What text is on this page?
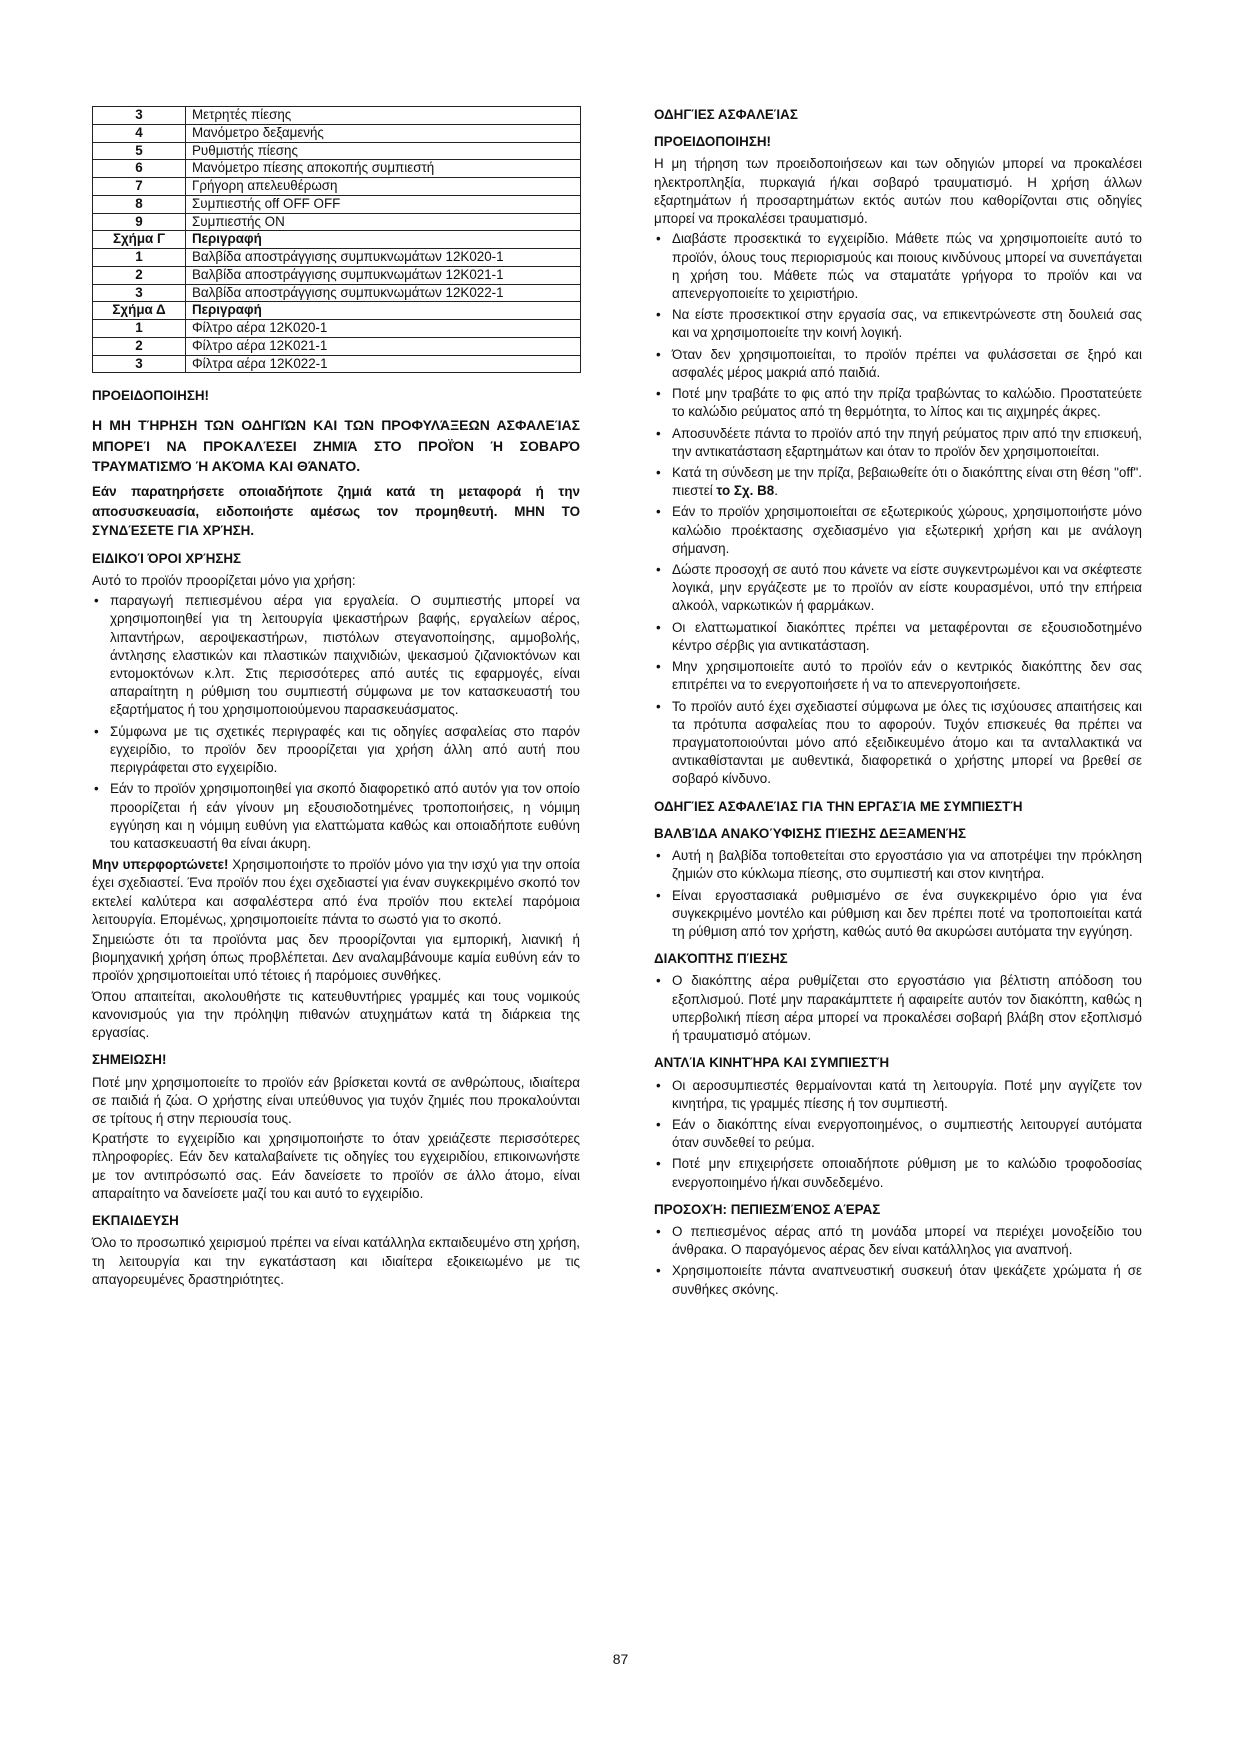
3	Μετρητές πίεσης
4	Μανόμετρο δεξαμενής
5	Ρυθμιστής πίεσης
6	Μανόμετρο πίεσης αποκοπής συμπιεστή
7	Γρήγορη απελευθέρωση
8	Συμπιεστής off OFF OFF
9	Συμπιεστής ON
Σχήμα Γ	Περιγραφή
1	Βαλβίδα αποστράγγισης συμπυκνωμάτων 12K020-1
2	Βαλβίδα αποστράγγισης συμπυκνωμάτων 12K021-1
3	Βαλβίδα αποστράγγισης συμπυκνωμάτων 12K022-1
Σχήμα Δ	Περιγραφή
1	Φίλτρο αέρα 12K020-1
2	Φίλτρο αέρα 12K021-1
3	Φίλτρα αέρα 12K022-1
ΠΡΟΕΙΔΟΠΟΙΗΣΗ!
Η ΜΗ ΤΉΡΗΣΗ ΤΩΝ ΟΔΗΓΙΏΝ ΚΑΙ ΤΩΝ ΠΡΟΦΥΛΆΞΕΩΝ ΑΣΦΑΛΕΊΑΣ ΜΠΟΡΕΊ ΝΑ ΠΡΟΚΑΛΈΣΕΙ ΖΗΜΙΆ ΣΤΟ ΠΡΟΪΌΝ Ή ΣΟΒΑΡΌ ΤΡΑΥΜΑΤΙΣΜΌ Ή ΑΚΌΜΑ ΚΑΙ ΘΆΝΑΤΟ.

Εάν παρατηρήσετε οποιαδήποτε ζημιά κατά τη μεταφορά ή την αποσυσκευασία, ειδοποιήστε αμέσως τον προμηθευτή. ΜΗΝ ΤΟ ΣΥΝΔΈΣΕΤΕ ΓΙΑ ΧΡΉΣΗ.

ΕΙΔΙΚΟΊ ΌΡΟΙ ΧΡΉΣΗΣ

Αυτό το προϊόν προορίζεται μόνο για χρήση:

• παραγωγή πεπιεσμένου αέρα για εργαλεία. Ο συμπιεστής μπορεί να χρησιμοποιηθεί για τη λειτουργία ψεκαστήρων βαφής, εργαλείων αέρος, λιπαντήρων, αεροψεκαστήρων, πιστόλων στεγανοποίησης, αμμοβολής, άντλησης ελαστικών και πλαστικών παιχνιδιών, ψεκασμού ζιζανιοκτόνων και εντομοκτόνων κ.λπ. Στις περισσότερες από αυτές τις εφαρμογές, είναι απαραίτητη η ρύθμιση του συμπιεστή σύμφωνα με τον κατασκευαστή του εξαρτήματος ή του χρησιμοποιούμενου παρασκευάσματος.
• Σύμφωνα με τις σχετικές περιγραφές και τις οδηγίες ασφαλείας στο παρόν εγχειρίδιο, το προϊόν δεν προορίζεται για χρήση άλλη από αυτή που περιγράφεται στο εγχειρίδιο.
• Εάν το προϊόν χρησιμοποιηθεί για σκοπό διαφορετικό από αυτόν για τον οποίο προορίζεται ή εάν γίνουν μη εξουσιοδοτημένες τροποποιήσεις, η νόμιμη εγγύηση και η νόμιμη ευθύνη για ελαττώματα καθώς και οποιαδήποτε ευθύνη του κατασκευαστή θα είναι άκυρη.

Μην υπερφορτώνετε! Χρησιμοποιήστε το προϊόν μόνο για την ισχύ για την οποία έχει σχεδιαστεί. Ένα προϊόν που έχει σχεδιαστεί για έναν συγκεκριμένο σκοπό τον εκτελεί καλύτερα και ασφαλέστερα από ένα προϊόν που εκτελεί παρόμοια λειτουργία. Επομένως, χρησιμοποιείτε πάντα το σωστό για το σκοπό.

Σημειώστε ότι τα προϊόντα μας δεν προορίζονται για εμπορική, λιανική ή βιομηχανική χρήση όπως προβλέπεται. Δεν αναλαμβάνουμε καμία ευθύνη εάν το προϊόν χρησιμοποιείται υπό τέτοιες ή παρόμοιες συνθήκες.

Όπου απαιτείται, ακολουθήστε τις κατευθυντήριες γραμμές και τους νομικούς κανονισμούς για την πρόληψη πιθανών ατυχημάτων κατά τη διάρκεια της εργασίας.

ΣΗΜΕΙΩΣΗ!

Ποτέ μην χρησιμοποιείτε το προϊόν εάν βρίσκεται κοντά σε ανθρώπους, ιδιαίτερα σε παιδιά ή ζώα. Ο χρήστης είναι υπεύθυνος για τυχόν ζημιές που προκαλούνται σε τρίτους ή στην περιουσία τους.

Κρατήστε το εγχειρίδιο και χρησιμοποιήστε το όταν χρειάζεστε περισσότερες πληροφορίες. Εάν δεν καταλαβαίνετε τις οδηγίες του εγχειριδίου, επικοινωνήστε με τον αντιπρόσωπό σας. Εάν δανείσετε το προϊόν σε άλλο άτομο, είναι απαραίτητο να δανείσετε μαζί του και αυτό το εγχειρίδιο.

ΕΚΠΑΙΔΕΥΣΗ

Όλο το προσωπικό χειρισμού πρέπει να είναι κατάλληλα εκπαιδευμένο στη χρήση, τη λειτουργία και την εγκατάσταση και ιδιαίτερα εξοικειωμένο με τις απαγορευμένες δραστηριότητες.

ΟΔΗΓΊΕΣ ΑΣΦΑΛΕΊΑΣ
ΠΡΟΕΙΔΟΠΟΙΗΣΗ!

Η μη τήρηση των προειδοποιήσεων και των οδηγιών μπορεί να προκαλέσει ηλεκτροπληξία, πυρκαγιά ή/και σοβαρό τραυματισμό. Η χρήση άλλων εξαρτημάτων ή προσαρτημάτων εκτός αυτών που καθορίζονται στις οδηγίες μπορεί να προκαλέσει τραυματισμό.

• Διαβάστε προσεκτικά το εγχειρίδιο. Μάθετε πώς να χρησιμοποιείτε αυτό το προϊόν, όλους τους περιορισμούς και ποιους κινδύνους μπορεί να συνεπάγεται η χρήση του. Μάθετε πώς να σταματάτε γρήγορα το προϊόν και να απενεργοποιείτε το χειριστήριο.
• Να είστε προσεκτικοί στην εργασία σας, να επικεντρώνεστε στη δουλειά σας και να χρησιμοποιείτε την κοινή λογική.
• Όταν δεν χρησιμοποιείται, το προϊόν πρέπει να φυλάσσεται σε ξηρό και ασφαλές μέρος μακριά από παιδιά.
• Ποτέ μην τραβάτε το φις από την πρίζα τραβώντας το καλώδιο. Προστατεύετε το καλώδιο ρεύματος από τη θερμότητα, το λίπος και τις αιχμηρές άκρες.
• Αποσυνδέετε πάντα το προϊόν από την πηγή ρεύματος πριν από την επισκευή, την αντικατάσταση εξαρτημάτων και όταν το προϊόν δεν χρησιμοποιείται.
• Κατά τη σύνδεση με την πρίζα, βεβαιωθείτε ότι ο διακόπτης είναι στη θέση "off". πιεστεί το Σχ. B8.
• Εάν το προϊόν χρησιμοποιείται σε εξωτερικούς χώρους, χρησιμοποιήστε μόνο καλώδιο προέκτασης σχεδιασμένο για εξωτερική χρήση και με ανάλογη σήμανση.
• Δώστε προσοχή σε αυτό που κάνετε να είστε συγκεντρωμένοι και να σκέφτεστε λογικά, μην εργάζεστε με το προϊόν αν είστε κουρασμένοι, υπό την επήρεια αλκοόλ, ναρκωτικών ή φαρμάκων.
• Οι ελαττωματικοί διακόπτες πρέπει να μεταφέρονται σε εξουσιοδοτημένο κέντρο σέρβις για αντικατάσταση.
• Μην χρησιμοποιείτε αυτό το προϊόν εάν ο κεντρικός διακόπτης δεν σας επιτρέπει να το ενεργοποιήσετε ή να το απενεργοποιήσετε.
• Το προϊόν αυτό έχει σχεδιαστεί σύμφωνα με όλες τις ισχύουσες απαιτήσεις και τα πρότυπα ασφαλείας που το αφορούν. Τυχόν επισκευές θα πρέπει να πραγματοποιούνται μόνο από εξειδικευμένο άτομο και τα ανταλλακτικά να αντικαθίστανται με αυθεντικά, διαφορετικά ο χρήστης μπορεί να βρεθεί σε σοβαρό κίνδυνο.
ΟΔΗΓΊΕΣ ΑΣΦΑΛΕΊΑΣ ΓΙΑ ΤΗΝ ΕΡΓΑΣΊΑ ΜΕ ΣΥΜΠΙΕΣΤΉ
ΒΑΛΒΊΔΑ ΑΝΑΚΟΎΦΙΣΗΣ ΠΊΕΣΗΣ ΔΕΞΑΜΕΝΉΣ
• Αυτή η βαλβίδα τοποθετείται στο εργοστάσιο για να αποτρέψει την πρόκληση ζημιών στο κύκλωμα πίεσης, στο συμπιεστή και στον κινητήρα.
• Είναι εργοστασιακά ρυθμισμένο σε ένα συγκεκριμένο όριο για ένα συγκεκριμένο μοντέλο και ρύθμιση και δεν πρέπει ποτέ να τροποποιείται κατά τη ρύθμιση από τον χρήστη, καθώς αυτό θα ακυρώσει αυτόματα την εγγύηση.
ΔΙΑΚΌΠΤΗΣ ΠΊΕΣΗΣ
• Ο διακόπτης αέρα ρυθμίζεται στο εργοστάσιο για βέλτιστη απόδοση του εξοπλισμού. Ποτέ μην παρακάμπτετε ή αφαιρείτε αυτόν τον διακόπτη, καθώς η υπερβολική πίεση αέρα μπορεί να προκαλέσει σοβαρή βλάβη στον εξοπλισμό ή τραυματισμό ατόμων.
ΑΝΤΛΊΑ ΚΙΝΗΤΉΡΑ ΚΑΙ ΣΥΜΠΙΕΣΤΉ
• Οι αεροσυμπιεστές θερμαίνονται κατά τη λειτουργία. Ποτέ μην αγγίζετε τον κινητήρα, τις γραμμές πίεσης ή τον συμπιεστή.
• Εάν ο διακόπτης είναι ενεργοποιημένος, ο συμπιεστής λειτουργεί αυτόματα όταν συνδεθεί το ρεύμα.
• Ποτέ μην επιχειρήσετε οποιαδήποτε ρύθμιση με το καλώδιο τροφοδοσίας ενεργοποιημένο ή/και συνδεδεμένο.
ΠΡΟΣΟΧΉ: ΠΕΠΙΕΣΜΈΝΟΣ ΑΈΡΑΣ
• Ο πεπιεσμένος αέρας από τη μονάδα μπορεί να περιέχει μονοξείδιο του άνθρακα. Ο παραγόμενος αέρας δεν είναι κατάλληλος για αναπνοή.
• Χρησιμοποιείτε πάντα αναπνευστική συσκευή όταν ψεκάζετε χρώματα ή σε συνθήκες σκόνης.
87
